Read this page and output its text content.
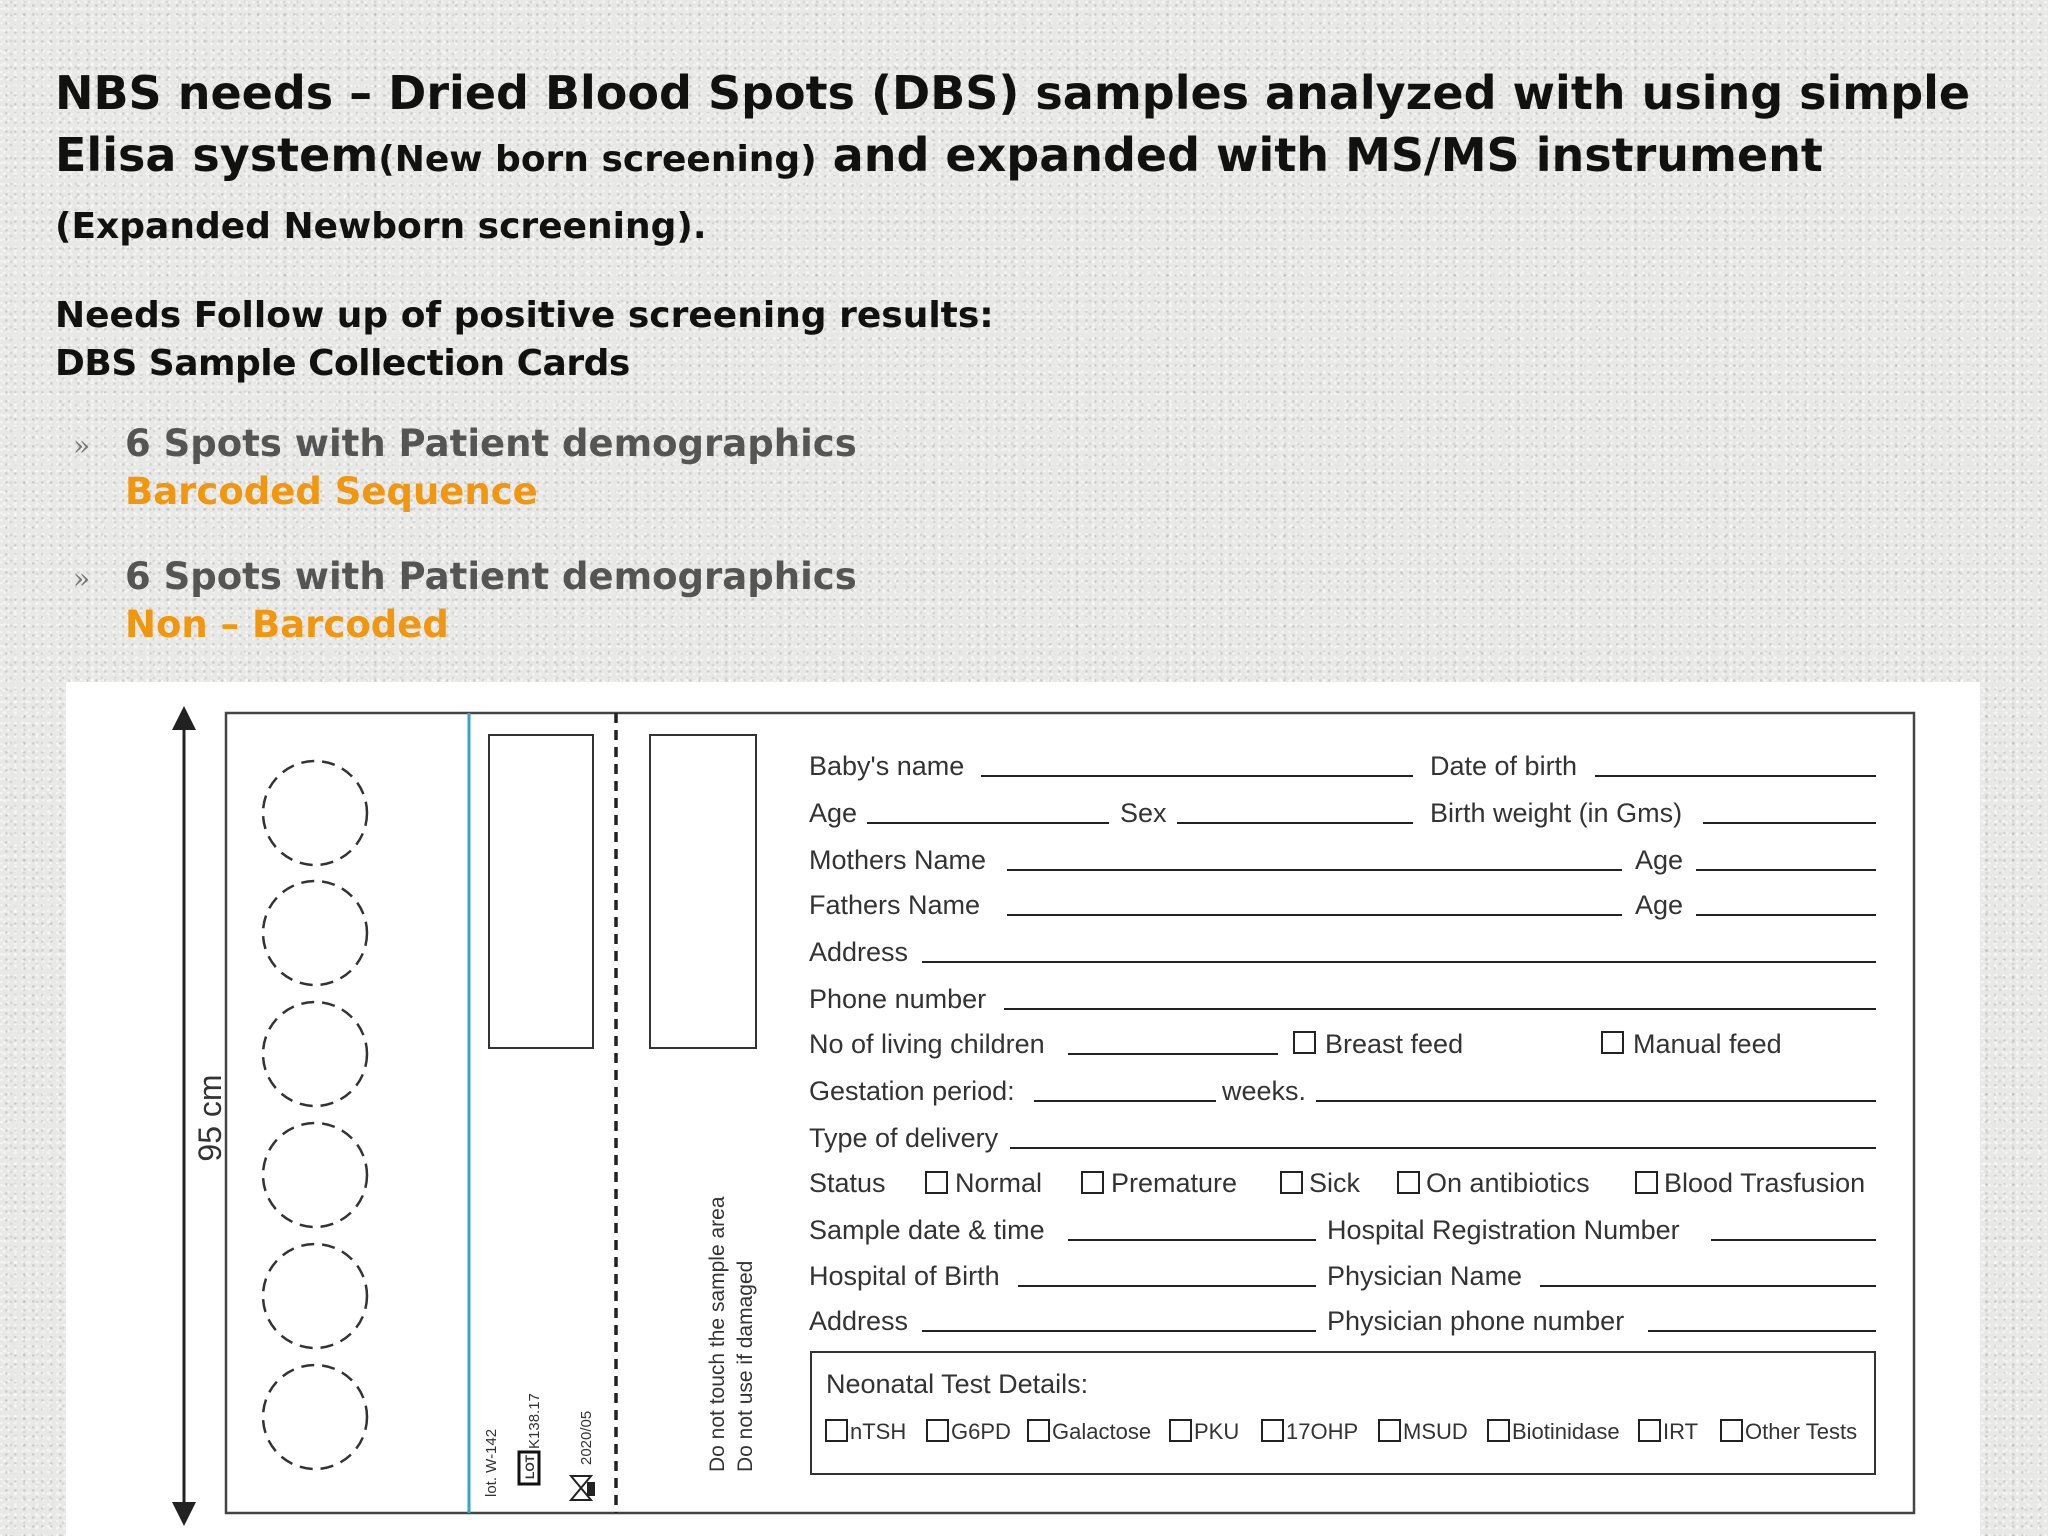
NBS needs – Dried Blood Spots (DBS) samples analyzed with using simple Elisa system(New born screening) and expanded with MS/MS instrument (Expanded Newborn screening).
Needs Follow up of positive screening results:
DBS Sample Collection Cards
» 6 Spots with Patient demographics
Barcoded Sequence
» 6 Spots with Patient demographics
Non – Barcoded
95 cm
lot. W-142 LOT
K138.17 2020/05	Do not touch the sample area Do not use if damaged
Baby's name	Date of birth
Age	Sex	Birth weight (in Gms)
Mothers Name	Age
Fathers Name	Age
Address
Phone number
No of living children	Breast feed	Manual feed
Gestation period:	weeks.
Type of delivery
Status	Normal	Premature	Sick On antibiotics	Blood Trasfusion
Sample date & time	Hospital Registration Number
Hospital of Birth	Physician Name
Address	Physician phone number
Neonatal Test Details:
nTSH G6PD Galactose PKU 17OHP MSUD Biotinidase IRT Other Tests
